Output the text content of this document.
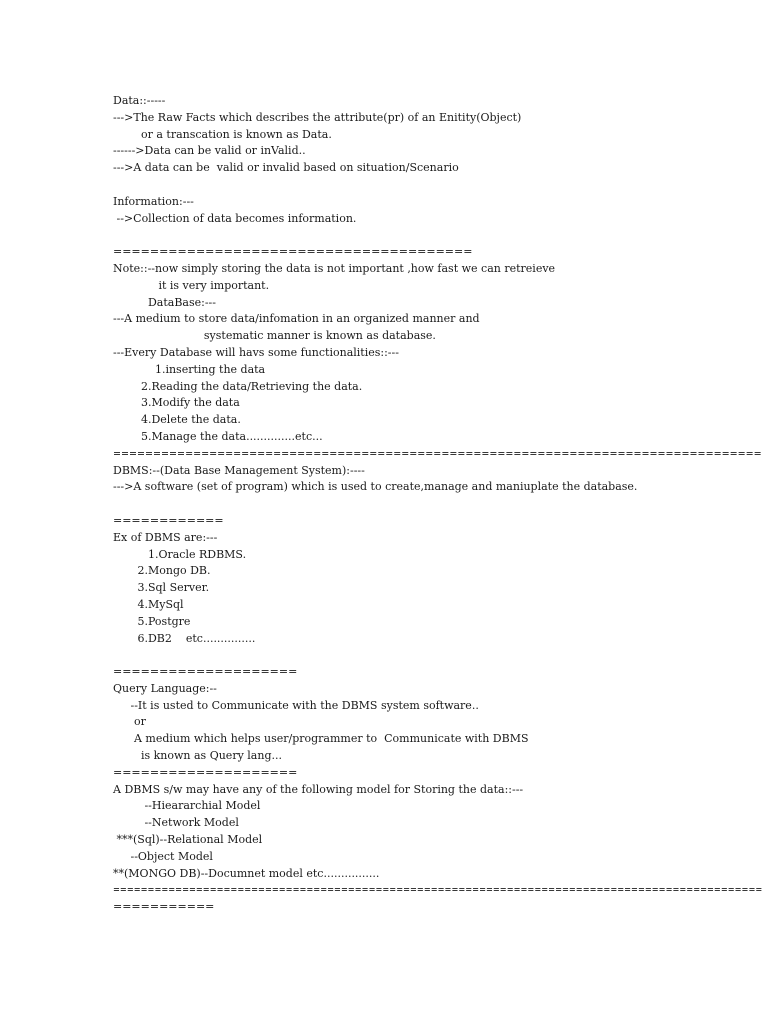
Data::-----
--->The Raw Facts which describes the attribute(pr) of an Enitity(Object)
or a transcation is known as Data.
------>Data can be valid or inValid..
--->A data can be  valid or invalid based on situation/Scenario
Information:---
-->Collection of data becomes information.
=======================================
Note::--now simply storing the data is not important ,how fast we can retreieve
it is very important.
DataBase:---
---A medium to store data/infomation in an organized manner and
systematic manner is known as database.
---Every Database will havs some functionalities::---
1.inserting the data
2.Reading the data/Retrieving the data.
3.Modify the data
4.Delete the data.
5.Manage the data..............etc...
=================================================================================
DBMS:--(Data Base Management System):----
--->A software (set of program) which is used to create,manage and maniuplate the database.
============
Ex of DBMS are:---
1.Oracle RDBMS.
2.Mongo DB.
3.Sql Server.
4.MySql
5.Postgre
6.DB2    etc...............
====================
Query Language:--
--It is usted to Communicate with the DBMS system software..
or
A medium which helps user/programmer to  Communicate with DBMS
is known as Query lang...
====================
A DBMS s/w may have any of the following model for Storing the data::---
--Hieararchial Model
--Network Model
***(Sql)--Relational Model
--Object Model
**(MONGO DB)--Documnet model etc................
==============================================================================================
===========
